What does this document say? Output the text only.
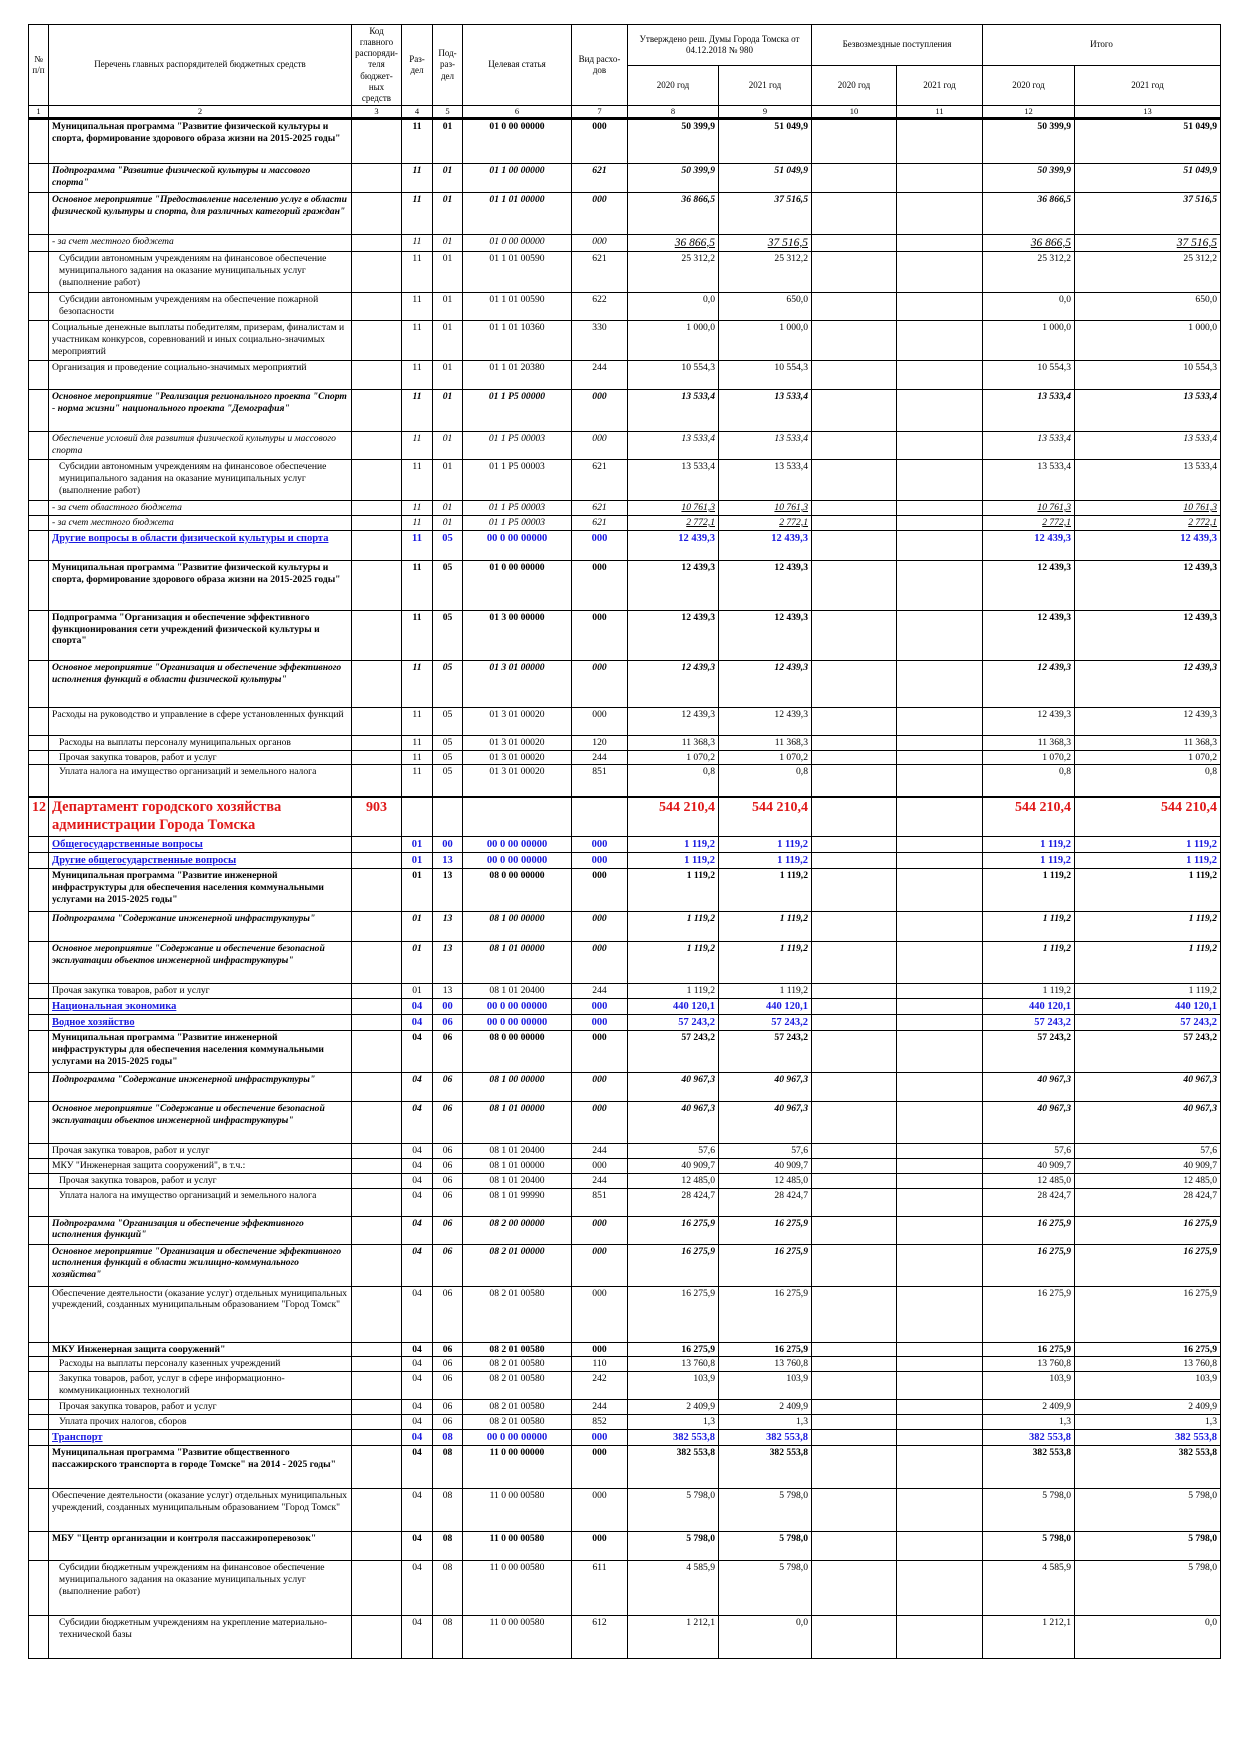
№ п/п	Перечень главных распорядителей бюджетных средств	Код главного распоряди-теля бюджет-ных средств	Раз-дел	Под-раз-дел	Целевая статья	Вид расхо-дов	Утверждено реш. Думы Города Томска от 04.12.2018 № 980		Безвозмездные поступления		Итого	
							2020 год	2021 год	2020 год	2021 год	2020 год	2021 год
1	2	3	4	5	6	7	8	9	10	11	12	13
	Муниципальная программа "Развитие физической культуры и спорта, формирование здорового образа жизни на 2015-2025 годы"		11	01	01 0 00 00000	000	50 399,9	51 049,9			50 399,9	51 049,9
	Подпрограмма "Развитие физической культуры и массового спорта"		11	01	01 1 00 00000	621	50 399,9	51 049,9			50 399,9	51 049,9
	Основное мероприятие "Предоставление населению услуг в области физической культуры и спорта, для различных категорий граждан"		11	01	01 1 01 00000	000	36 866,5	37 516,5			36 866,5	37 516,5
	- за счет местного бюджета		11	01	01 0 00 00000	000	36 866,5	37 516,5			36 866,5	37 516,5
	Субсидии автономным учреждениям на финансовое обеспечение муниципального задания на оказание муниципальных услуг (выполнение работ)		11	01	01 1 01 00590	621	25 312,2	25 312,2			25 312,2	25 312,2
	Субсидии автономным учреждениям на обеспечение пожарной безопасности		11	01	01 1 01 00590	622	0,0	650,0			0,0	650,0
	Социальные денежные выплаты победителям, призерам, финалистам и участникам конкурсов, соревнований и иных социально-значимых мероприятий		11	01	01 1 01 10360	330	1 000,0	1 000,0			1 000,0	1 000,0
	Организация и проведение социально-значимых мероприятий		11	01	01 1 01 20380	244	10 554,3	10 554,3			10 554,3	10 554,3
	Основное мероприятие "Реализация регионального проекта "Спорт - норма жизни" национального проекта "Демография"		11	01	01 1 P5 00000	000	13 533,4	13 533,4			13 533,4	13 533,4
	Обеспечение условий для развития физической культуры и массового спорта		11	01	01 1 P5 00003	000	13 533,4	13 533,4			13 533,4	13 533,4
	Субсидии автономным учреждениям на финансовое обеспечение муниципального задания на оказание муниципальных услуг (выполнение работ)		11	01	01 1 P5 00003	621	13 533,4	13 533,4			13 533,4	13 533,4
	- за счет областного бюджета		11	01	01 1 P5 00003	621	10 761,3	10 761,3			10 761,3	10 761,3
	- за счет местного бюджета		11	01	01 1 P5 00003	621	2 772,1	2 772,1			2 772,1	2 772,1
	Другие вопросы в области физической культуры и спорта		11	05	00 0 00 00000	000	12 439,3	12 439,3			12 439,3	12 439,3
	Муниципальная программа "Развитие физической культуры и спорта, формирование здорового образа жизни на 2015-2025 годы"		11	05	01 0 00 00000	000	12 439,3	12 439,3			12 439,3	12 439,3
	Подпрограмма "Организация и обеспечение эффективного функционирования сети учреждений физической культуры и спорта"		11	05	01 3 00 00000	000	12 439,3	12 439,3			12 439,3	12 439,3
	Основное мероприятие "Организация и обеспечение эффективного исполнения функций в области физической культуры"		11	05	01 3 01 00000	000	12 439,3	12 439,3			12 439,3	12 439,3
	Расходы на руководство и управление в сфере установленных функций		11	05	01 3 01 00020	000	12 439,3	12 439,3			12 439,3	12 439,3
	Расходы на выплаты персоналу муниципальных органов		11	05	01 3 01 00020	120	11 368,3	11 368,3			11 368,3	11 368,3
	Прочая закупка товаров, работ и услуг		11	05	01 3 01 00020	244	1 070,2	1 070,2			1 070,2	1 070,2
	Уплата налога на имущество организаций и земельного налога		11	05	01 3 01 00020	851	0,8	0,8			0,8	0,8
12	Департамент городского хозяйства администрации Города Томска	903					544 210,4	544 210,4			544 210,4	544 210,4
	Общегосударственные вопросы		01	00	00 0 00 00000	000	1 119,2	1 119,2			1 119,2	1 119,2
	Другие общегосударственные вопросы		01	13	00 0 00 00000	000	1 119,2	1 119,2			1 119,2	1 119,2
	Муниципальная программа "Развитие инженерной инфраструктуры для обеспечения населения коммунальными услугами на 2015-2025 годы"		01	13	08 0 00 00000	000	1 119,2	1 119,2			1 119,2	1 119,2
	Подпрограмма "Содержание инженерной инфраструктуры"		01	13	08 1 00 00000	000	1 119,2	1 119,2			1 119,2	1 119,2
	Основное мероприятие "Содержание и обеспечение безопасной эксплуатации объектов инженерной инфраструктуры"		01	13	08 1 01 00000	000	1 119,2	1 119,2			1 119,2	1 119,2
	Прочая закупка товаров, работ и услуг		01	13	08 1 01 20400	244	1 119,2	1 119,2			1 119,2	1 119,2
	Национальная экономика		04	00	00 0 00 00000	000	440 120,1	440 120,1			440 120,1	440 120,1
	Водное хозяйство		04	06	00 0 00 00000	000	57 243,2	57 243,2			57 243,2	57 243,2
	Муниципальная программа "Развитие инженерной инфраструктуры для обеспечения населения коммунальными услугами на 2015-2025 годы"		04	06	08 0 00 00000	000	57 243,2	57 243,2			57 243,2	57 243,2
	Подпрограмма "Содержание инженерной инфраструктуры"		04	06	08 1 00 00000	000	40 967,3	40 967,3			40 967,3	40 967,3
	Основное мероприятие "Содержание и обеспечение безопасной эксплуатации объектов инженерной инфраструктуры"		04	06	08 1 01 00000	000	40 967,3	40 967,3			40 967,3	40 967,3
	Прочая закупка товаров, работ и услуг		04	06	08 1 01 20400	244	57,6	57,6			57,6	57,6
	МКУ "Инженерная защита сооружений", в т.ч.:		04	06	08 1 01 00000	000	40 909,7	40 909,7			40 909,7	40 909,7
	Прочая закупка товаров, работ и услуг		04	06	08 1 01 20400	244	12 485,0	12 485,0			12 485,0	12 485,0
	Уплата налога на имущество организаций и земельного налога		04	06	08 1 01 99990	851	28 424,7	28 424,7			28 424,7	28 424,7
	Подпрограмма "Организация и обеспечение эффективного исполнения функций"		04	06	08 2 00 00000	000	16 275,9	16 275,9			16 275,9	16 275,9
	Основное мероприятие "Организация и обеспечение эффективного исполнения функций в области жилищно-коммунального хозяйства"		04	06	08 2 01 00000	000	16 275,9	16 275,9			16 275,9	16 275,9
	Обеспечение деятельности (оказание услуг) отдельных муниципальных учреждений, созданных муниципальным образованием "Город Томск"		04	06	08 2 01 00580	000	16 275,9	16 275,9			16 275,9	16 275,9
	МКУ Инженерная защита сооружений"		04	06	08 2 01 00580	000	16 275,9	16 275,9			16 275,9	16 275,9
	Расходы на выплаты персоналу казенных учреждений		04	06	08 2 01 00580	110	13 760,8	13 760,8			13 760,8	13 760,8
	Закупка товаров, работ, услуг в сфере информационно-коммуникационных технологий		04	06	08 2 01 00580	242	103,9	103,9			103,9	103,9
	Прочая закупка товаров, работ и услуг		04	06	08 2 01 00580	244	2 409,9	2 409,9			2 409,9	2 409,9
	Уплата прочих налогов, сборов		04	06	08 2 01 00580	852	1,3	1,3			1,3	1,3
	Транспорт		04	08	00 0 00 00000	000	382 553,8	382 553,8			382 553,8	382 553,8
	Муниципальная программа "Развитие общественного пассажирского транспорта в городе Томске" на 2014 - 2025 годы"		04	08	11 0 00 00000	000	382 553,8	382 553,8			382 553,8	382 553,8
	Обеспечение деятельности (оказание услуг) отдельных муниципальных учреждений, созданных муниципальным образованием "Город Томск"		04	08	11 0 00 00580	000	5 798,0	5 798,0			5 798,0	5 798,0
	МБУ "Центр организации и контроля пассажироперевозок"		04	08	11 0 00 00580	000	5 798,0	5 798,0			5 798,0	5 798,0
	Субсидии бюджетным учреждениям на финансовое обеспечение муниципального задания на оказание муниципальных услуг (выполнение работ)		04	08	11 0 00 00580	611	4 585,9	5 798,0			4 585,9	5 798,0
	Субсидии бюджетным учреждениям на укрепление материально-технической базы		04	08	11 0 00 00580	612	1 212,1	0,0			1 212,1	0,0
